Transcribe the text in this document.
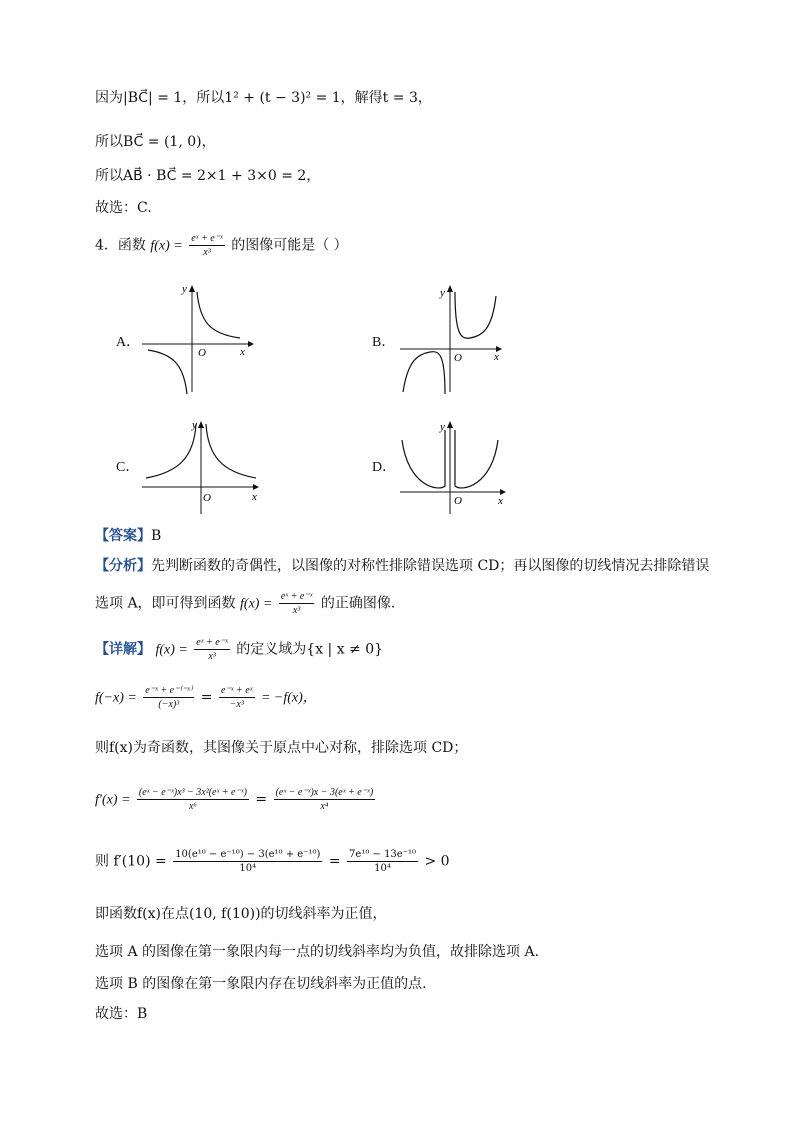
因为|BC⃗| = 1，所以1² + (t − 3)² = 1，解得t = 3，
所以BC⃗ = (1, 0)，
所以AB⃗ · BC⃗ = 2×1 + 3×0 = 2，
故选：C.
4．函数 $f(x) = \frac{\text{eˣ + e⁻ˣ}}{\text{x³}}$ 的图像可能是（ ）
A．	B．
C．	D．
O	x
y
O	x
y
O	x
y
O	x
y
【答案】B
【分析】先判断函数的奇偶性，以图像的对称性排除错误选项 CD；再以图像的切线情况去排除错误
选项 A，即可得到函数 $f(x) = \frac{\text{eˣ + e⁻ˣ}}{\text{x³}}$ 的正确图像.
【详解】 $f(x) = \frac{\text{eˣ + e⁻ˣ}}{\text{x³}}$ 的定义域为{x | x ≠ 0}
$f(-x) = \frac{\text{e⁻ˣ + e⁻⁽⁻ˣ⁾}}{\text{(−x)³}} = \frac{\text{e⁻ˣ + eˣ}}{\text{−x³}} = -f(x)$，
则f(x)为奇函数，其图像关于原点中心对称，排除选项 CD；
$f'(x) = \frac{\text{(eˣ − e⁻ˣ)x³ − 3x²(eˣ + e⁻ˣ)}}{\text{x⁶}} = \frac{\text{(eˣ − e⁻ˣ)x − 3(eˣ + e⁻ˣ)}}{\text{x⁴}}$
则 $f'(10) = \frac{\text{10(e¹⁰ − e⁻¹⁰) − 3(e¹⁰ + e⁻¹⁰)}}{\text{10⁴}} = \frac{\text{7e¹⁰ − 13e⁻¹⁰}}{\text{10⁴}} > 0$
即函数f(x)在点(10, f(10))的切线斜率为正值，
选项 A 的图像在第一象限内每一点的切线斜率均为负值，故排除选项 A.
选项 B 的图像在第一象限内存在切线斜率为正值的点.
故选：B
